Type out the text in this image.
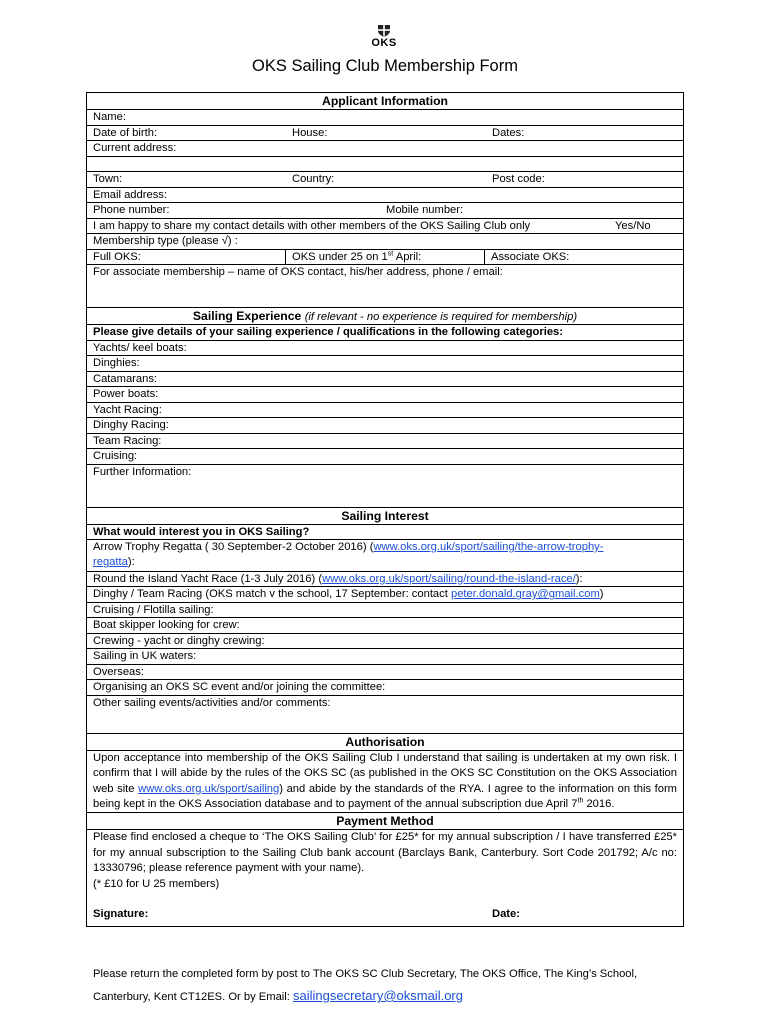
OKS
OKS Sailing Club Membership Form
Applicant Information
Name:
Date of birth:	House:	Dates:
Current address:
Town:	Country:	Post code:
Email address:
Phone number:	Mobile number:
I am happy to share my contact details with other members of the OKS Sailing Club only	Yes/No
Membership type (please √) :
Full OKS:	OKS under 25 on 1st April:	Associate OKS:
For associate membership – name of OKS contact, his/her address, phone / email:
Sailing Experience (if relevant - no experience is required for membership)
Please give details of your sailing experience / qualifications in the following categories:
Yachts/ keel boats:
Dinghies:
Catamarans:
Power boats:
Yacht Racing:
Dinghy Racing:
Team Racing:
Cruising:
Further Information:
Sailing Interest
What would interest you in OKS Sailing?
Arrow Trophy Regatta ( 30 September-2 October 2016) (www.oks.org.uk/sport/sailing/the-arrow-trophy-
regatta):
Round the Island Yacht Race (1-3 July 2016) (www.oks.org.uk/sport/sailing/round-the-island-race/):
Dinghy / Team Racing (OKS match v the school, 17 September: contact peter.donald.gray@gmail.com)
Cruising / Flotilla sailing:
Boat skipper looking for crew:
Crewing - yacht or dinghy crewing:
Sailing in UK waters:
Overseas:
Organising an OKS SC event and/or joining the committee:
Other sailing events/activities and/or comments:
Authorisation
Upon acceptance into membership of the OKS Sailing Club I understand that sailing is undertaken at my own risk. I confirm that I will abide by the rules of the OKS SC (as published in the OKS SC Constitution on the OKS Association web site www.oks.org.uk/sport/sailing) and abide by the standards of the RYA. I agree to the information on this form being kept in the OKS Association database and to payment of the annual subscription due April 7th 2016.
Payment Method
Please find enclosed a cheque to ‘The OKS Sailing Club’ for £25* for my annual subscription / I have transferred £25* for my annual subscription to the Sailing Club bank account (Barclays Bank, Canterbury. Sort Code 201792; A/c no: 13330796; please reference payment with your name).
(* £10 for U 25 members)
Signature:	Date:
Please return the completed form by post to The OKS SC Club Secretary, The OKS Office, The King’s School,
Canterbury, Kent CT12ES. Or by Email: sailingsecretary@oksmail.org
